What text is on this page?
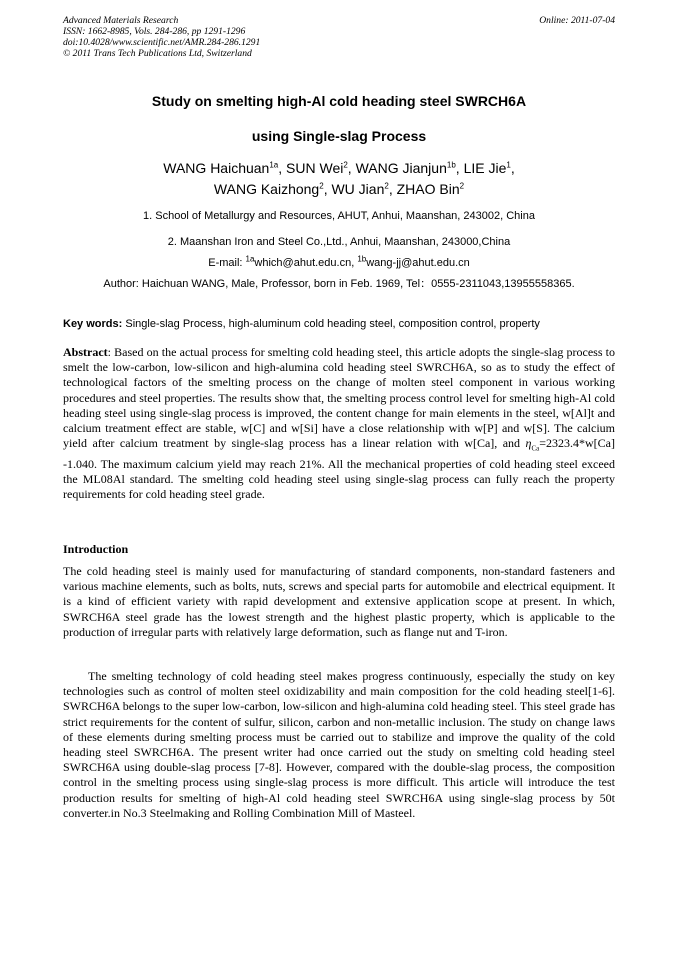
Advanced Materials Research
ISSN: 1662-8985, Vols. 284-286, pp 1291-1296
doi:10.4028/www.scientific.net/AMR.284-286.1291
© 2011 Trans Tech Publications Ltd, Switzerland
Online: 2011-07-04
Study on smelting high-Al cold heading steel SWRCH6A
using Single-slag Process
WANG Haichuan$^{1a}$, SUN Wei$^2$, WANG Jianjun$^{1b}$, LIE Jie$^1$,
WANG Kaizhong$^2$, WU Jian$^2$, ZHAO Bin$^2$
1. School of Metallurgy and Resources, AHUT, Anhui, Maanshan, 243002, China
2. Maanshan Iron and Steel Co.,Ltd., Anhui, Maanshan, 243000,China
E-mail: $^{1a}$which@ahut.edu.cn, $^{1b}$wang-jj@ahut.edu.cn
Author: Haichuan WANG, Male, Professor, born in Feb. 1969, Tel：0555-2311043,13955558365.
Key words: Single-slag Process, high-aluminum cold heading steel, composition control, property
Abstract: Based on the actual process for smelting cold heading steel, this article adopts the single-slag process to smelt the low-carbon, low-silicon and high-alumina cold heading steel SWRCH6A, so as to study the effect of technological factors of the smelting process on the change of molten steel component in various working procedures and steel properties. The results show that, the smelting process control level for smelting high-Al cold heading steel using single-slag process is improved, the content change for main elements in the steel, w[Al]t and calcium treatment effect are stable, w[C] and w[Si] have a close relationship with w[P] and w[S]. The calcium yield after calcium treatment by single-slag process has a linear relation with w[Ca], and $\eta_{Ca}=2323.4*w[Ca]$ -1.040. The maximum calcium yield may reach 21%. All the mechanical properties of cold heading steel exceed the ML08Al standard. The smelting cold heading steel using single-slag process can fully reach the property requirements for cold heading steel grade.
Introduction
The cold heading steel is mainly used for manufacturing of standard components, non-standard fasteners and various machine elements, such as bolts, nuts, screws and special parts for automobile and electrical equipment. It is a kind of efficient variety with rapid development and extensive application scope at present. In which, SWRCH6A steel grade has the lowest strength and the highest plastic property, which is applicable to the production of irregular parts with relatively large deformation, such as flange nut and T-iron.
The smelting technology of cold heading steel makes progress continuously, especially the study on key technologies such as control of molten steel oxidizability and main composition for the cold heading steel[1-6]. SWRCH6A belongs to the super low-carbon, low-silicon and high-alumina cold heading steel. This steel grade has strict requirements for the content of sulfur, silicon, carbon and non-metallic inclusion. The study on change laws of these elements during smelting process must be carried out to stabilize and improve the quality of the cold heading steel SWRCH6A. The present writer had once carried out the study on smelting cold heading steel SWRCH6A using double-slag process [7-8]. However, compared with the double-slag process, the composition control in the smelting process using single-slag process is more difficult. This article will introduce the test production results for smelting of high-Al cold heading steel SWRCH6A using single-slag process by 50t converter.in No.3 Steelmaking and Rolling Combination Mill of Masteel.
